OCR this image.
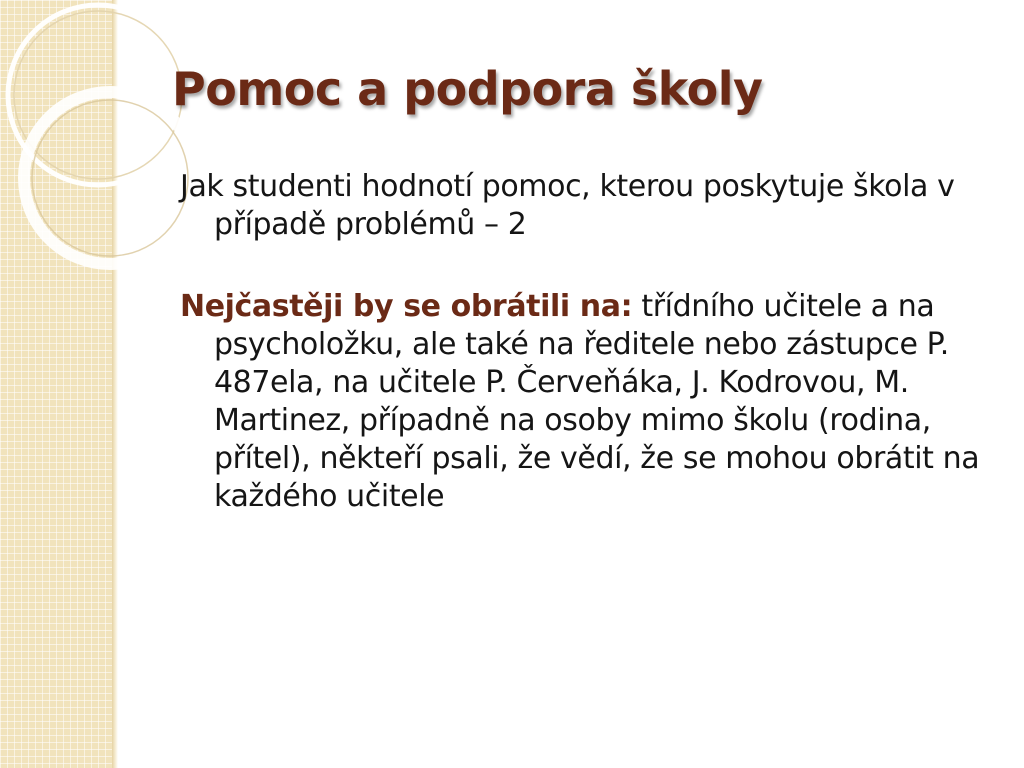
Pomoc a podpora školy

Jak studenti hodnotí pomoc, kterou poskytuje škola v případě problémů – 2

Nejčastěji by se obrátili na: třídního učitele a na psycholožku, ale také na ředitele nebo zástupce P. 487ela, na učitele P. Červeňáka, J. Kodrovou, M. Martinez, případně na osoby mimo školu (rodina, přítel), někteří psali, že vědí, že se mohou obrátit na každého učitele
